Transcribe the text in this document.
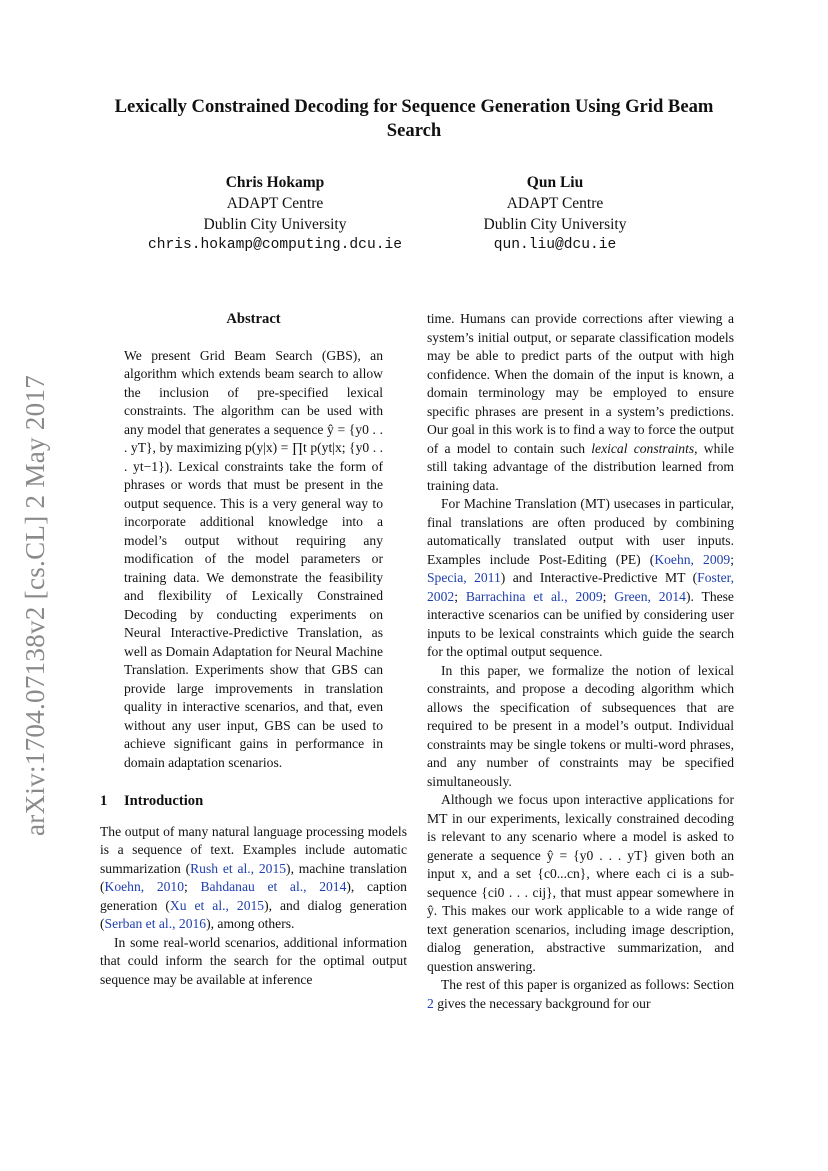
arXiv:1704.07138v2 [cs.CL] 2 May 2017
Lexically Constrained Decoding for Sequence Generation Using Grid Beam Search
Chris Hokamp
ADAPT Centre
Dublin City University
chris.hokamp@computing.dcu.ie
Qun Liu
ADAPT Centre
Dublin City University
qun.liu@dcu.ie
Abstract

We present Grid Beam Search (GBS), an algorithm which extends beam search to allow the inclusion of pre-specified lexical constraints. The algorithm can be used with any model that generates a sequence ŷ = {y0 . . . yT}, by maximizing p(y|x) = ∏t p(yt|x; {y0 . . . yt−1}). Lexical constraints take the form of phrases or words that must be present in the output sequence. This is a very general way to incorporate additional knowledge into a model’s output without requiring any modification of the model parameters or training data. We demonstrate the feasibility and flexibility of Lexically Constrained Decoding by conducting experiments on Neural Interactive-Predictive Translation, as well as Domain Adaptation for Neural Machine Translation. Experiments show that GBS can provide large improvements in translation quality in interactive scenarios, and that, even without any user input, GBS can be used to achieve significant gains in performance in domain adaptation scenarios.

1 Introduction

The output of many natural language processing models is a sequence of text. Examples include automatic summarization (Rush et al., 2015), machine translation (Koehn, 2010; Bahdanau et al., 2014), caption generation (Xu et al., 2015), and dialog generation (Serban et al., 2016), among others.

In some real-world scenarios, additional information that could inform the search for the optimal output sequence may be available at inference

time. Humans can provide corrections after viewing a system’s initial output, or separate classification models may be able to predict parts of the output with high confidence. When the domain of the input is known, a domain terminology may be employed to ensure specific phrases are present in a system’s predictions. Our goal in this work is to find a way to force the output of a model to contain such lexical constraints, while still taking advantage of the distribution learned from training data.

For Machine Translation (MT) usecases in particular, final translations are often produced by combining automatically translated output with user inputs. Examples include Post-Editing (PE) (Koehn, 2009; Specia, 2011) and Interactive-Predictive MT (Foster, 2002; Barrachina et al., 2009; Green, 2014). These interactive scenarios can be unified by considering user inputs to be lexical constraints which guide the search for the optimal output sequence.

In this paper, we formalize the notion of lexical constraints, and propose a decoding algorithm which allows the specification of subsequences that are required to be present in a model’s output. Individual constraints may be single tokens or multi-word phrases, and any number of constraints may be specified simultaneously.

Although we focus upon interactive applications for MT in our experiments, lexically constrained decoding is relevant to any scenario where a model is asked to generate a sequence ŷ = {y0 . . . yT} given both an input x, and a set {c0...cn}, where each ci is a sub-sequence {ci0 . . . cij}, that must appear somewhere in ŷ. This makes our work applicable to a wide range of text generation scenarios, including image description, dialog generation, abstractive summarization, and question answering.

The rest of this paper is organized as follows: Section 2 gives the necessary background for our
